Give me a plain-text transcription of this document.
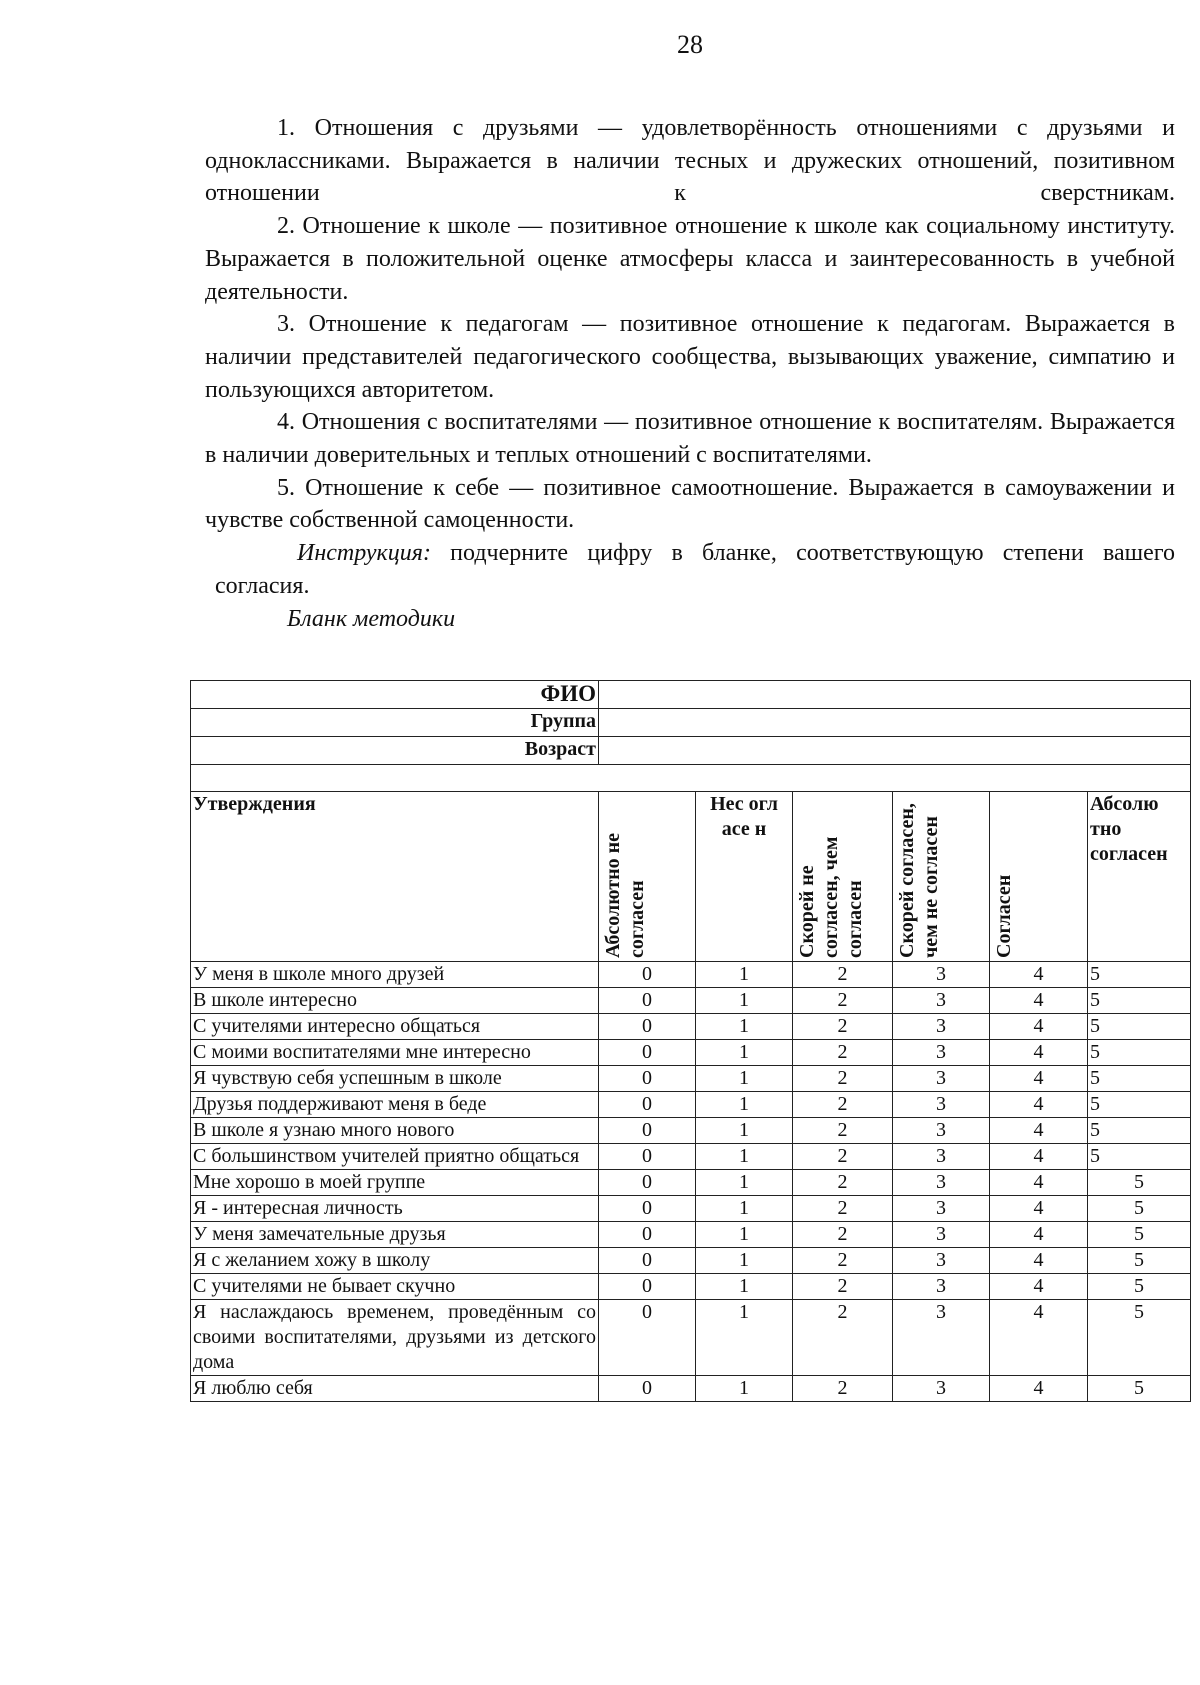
28

1. Отношения с друзьями — удовлетворённость отношениями с друзьями и одноклассниками. Выражается в наличии тесных и дружеских отношений, позитивном отношении к сверстникам.

2. Отношение к школе — позитивное отношение к школе как социальному институту. Выражается в положительной оценке атмосферы класса и заинтересованность в учебной деятельности.

3. Отношение к педагогам — позитивное отношение к педагогам. Выражается в наличии представителей педагогического сообщества, вызывающих уважение, симпатию и пользующихся авторитетом.

4. Отношения с воспитателями — позитивное отношение к воспитателям. Выражается в наличии доверительных и теплых отношений с воспитателями.

5. Отношение к себе — позитивное самоотношение. Выражается в самоуважении и чувстве собственной самоценности.

Инструкция: подчерните цифру в бланке, соответствующую степени вашего согласия.

Бланк методики

ФИО						
Группа						
Возраст						

Утверждения	Абсолютно не согласен	Нес огл асе н	Скорей не согласен, чем согласен	Скорей согласен, чем не согласен	Согласен	Абсолю тно согласен
У меня в школе много друзей	0	1	2	3	4	5
В школе интересно	0	1	2	3	4	5
С учителями интересно общаться	0	1	2	3	4	5
С моими воспитателями мне интересно	0	1	2	3	4	5
Я чувствую себя успешным в школе	0	1	2	3	4	5
Друзья поддерживают меня в беде	0	1	2	3	4	5
В школе я узнаю много нового	0	1	2	3	4	5
С большинством учителей приятно общаться	0	1	2	3	4	5
Мне хорошо в моей группе	0	1	2	3	4	5
Я - интересная личность	0	1	2	3	4	5
У меня замечательные друзья	0	1	2	3	4	5
Я с желанием хожу в школу	0	1	2	3	4	5
С учителями не бывает скучно	0	1	2	3	4	5
Я наслаждаюсь временем, проведённым со своими воспитателями, друзьями из детского дома	0	1	2	3	4	5
Я люблю себя	0	1	2	3	4	5
